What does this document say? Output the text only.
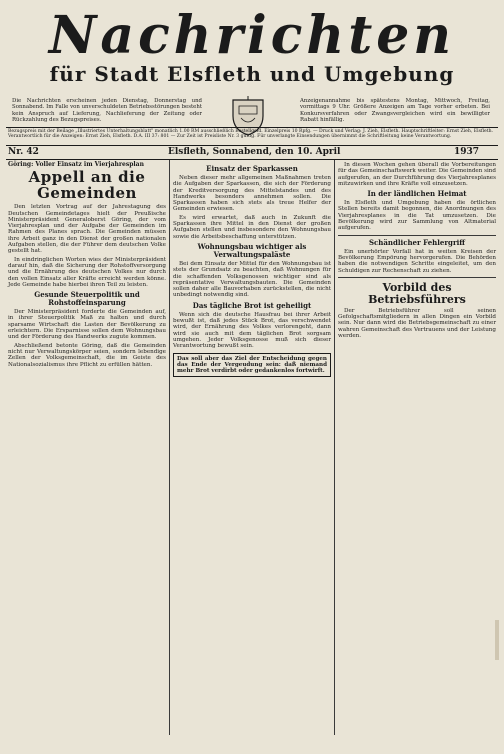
Nachrichten
für Stadt Elsfleth und Umgebung
Die Nachrichten erscheinen jeden Dienstag, Donnerstag und Sonnabend. Im Falle von unverschuldeten Betriebsstörungen besteht kein Anspruch auf Lieferung, Nachlieferung der Zeitung oder Rückzahlung des Bezugspreises.
Anzeigenannahme bis spätestens Montag, Mittwoch, Freitag, vormittags 9 Uhr. Größere Anzeigen am Tage vorher erbeten. Bei Konkursverfahren oder Zwangsvergleichen wird ein bewilligter Rabatt hinfällig.
Bezugspreis mit der Beilage „Illustriertes Unterhaltungsblatt" monatlich 1.00 RM ausschließlich Bestellgeld. Einzelpreis 10 Rpfg. — Druck und Verlag: J. Zieh, Elsfleth. Hauptschriftleiter: Ernst Zieh, Elsfleth. Verantwortlich für die Anzeigen: Ernst Zieh, Elsfleth. D.A. III 37: 801 — Zur Zeit ist Preisliste Nr. 3 gültig. Für unverlangte Einsendungen übernimmt die Schriftleitung keine Verantwortung.
Nr. 42	Elsfleth, Sonnabend, den 10. April	1937
Göring: Voller Einsatz im Vierjahresplan
Appell an die Gemeinden

Den letzten Vortrag auf der Jahrestagung des Deutschen Gemeindetages hielt der Preußische Ministerpräsident Generaloberst Göring, der vom Vierjahresplan und der Aufgabe der Gemeinden im Rahmen des Planes sprach. Die Gemeinden müssen ihre Arbeit ganz in den Dienst der großen nationalen Aufgaben stellen, die der Führer dem deutschen Volke gestellt hat.

In eindringlichen Worten wies der Ministerpräsident darauf hin, daß die Sicherung der Rohstoffversorgung und die Ernährung des deutschen Volkes nur durch den vollen Einsatz aller Kräfte erreicht werden könne. Jede Gemeinde habe hierbei ihren Teil zu leisten.

Gesunde Steuerpolitik und Rohstoffeinsparung

Der Ministerpräsident forderte die Gemeinden auf, in ihrer Steuerpolitik Maß zu halten und durch sparsame Wirtschaft die Lasten der Bevölkerung zu erleichtern. Die Ersparnisse sollen dem Wohnungsbau und der Förderung des Handwerks zugute kommen.

Abschließend betonte Göring, daß die Gemeinden nicht nur Verwaltungskörper seien, sondern lebendige Zellen der Volksgemeinschaft, die im Geiste des Nationalsozialismus ihre Pflicht zu erfüllen hätten.

Einsatz der Sparkassen

Neben dieser mehr allgemeinen Maßnahmen treten die Aufgaben der Sparkassen, die sich der Förderung der Kreditversorgung des Mittelstandes und des Handwerks besonders annehmen sollen. Die Sparkassen haben sich stets als treue Helfer der Gemeinden erwiesen.

Es wird erwartet, daß auch in Zukunft die Sparkassen ihre Mittel in den Dienst der großen Aufgaben stellen und insbesondere den Wohnungsbau sowie die Arbeitsbeschaffung unterstützen.

Wohnungsbau wichtiger als Verwaltungspaläste

Bei dem Einsatz der Mittel für den Wohnungsbau ist stets der Grundsatz zu beachten, daß Wohnungen für die schaffenden Volksgenossen wichtiger sind als repräsentative Verwaltungsbauten. Die Gemeinden sollen daher alle Bauvorhaben zurückstellen, die nicht unbedingt notwendig sind.

Das tägliche Brot ist geheiligt

Wenn sich die deutsche Hausfrau bei ihrer Arbeit bewußt ist, daß jedes Stück Brot, das verschwendet wird, der Ernährung des Volkes verlorengeht, dann wird sie auch mit dem täglichen Brot sorgsam umgehen. Jeder Volksgenosse muß sich dieser Verantwortung bewußt sein.

Das soll aber das Ziel der Entscheidung gegen das Ende der Vergeudung sein: daß niemand mehr Brot verdirbt oder gedankenlos fortwirft.

In diesen Wochen gehen überall die Vorbereitungen für das Gemeinschaftswerk weiter. Die Gemeinden sind aufgerufen, an der Durchführung des Vierjahresplanes mitzuwirken und ihre Kräfte voll einzusetzen.

In der ländlichen Heimat

In Elsfleth und Umgebung haben die örtlichen Stellen bereits damit begonnen, die Anordnungen des Vierjahresplanes in die Tat umzusetzen. Die Bevölkerung wird zur Sammlung von Altmaterial aufgerufen.

Schändlicher Fehlergriff

Ein unerhörter Vorfall hat in weiten Kreisen der Bevölkerung Empörung hervorgerufen. Die Behörden haben die notwendigen Schritte eingeleitet, um den Schuldigen zur Rechenschaft zu ziehen.

Vorbild des Betriebsführers

Der Betriebsführer soll seinen Gefolgschaftsmitgliedern in allen Dingen ein Vorbild sein. Nur dann wird die Betriebsgemeinschaft zu einer wahren Gemeinschaft des Vertrauens und der Leistung werden.
